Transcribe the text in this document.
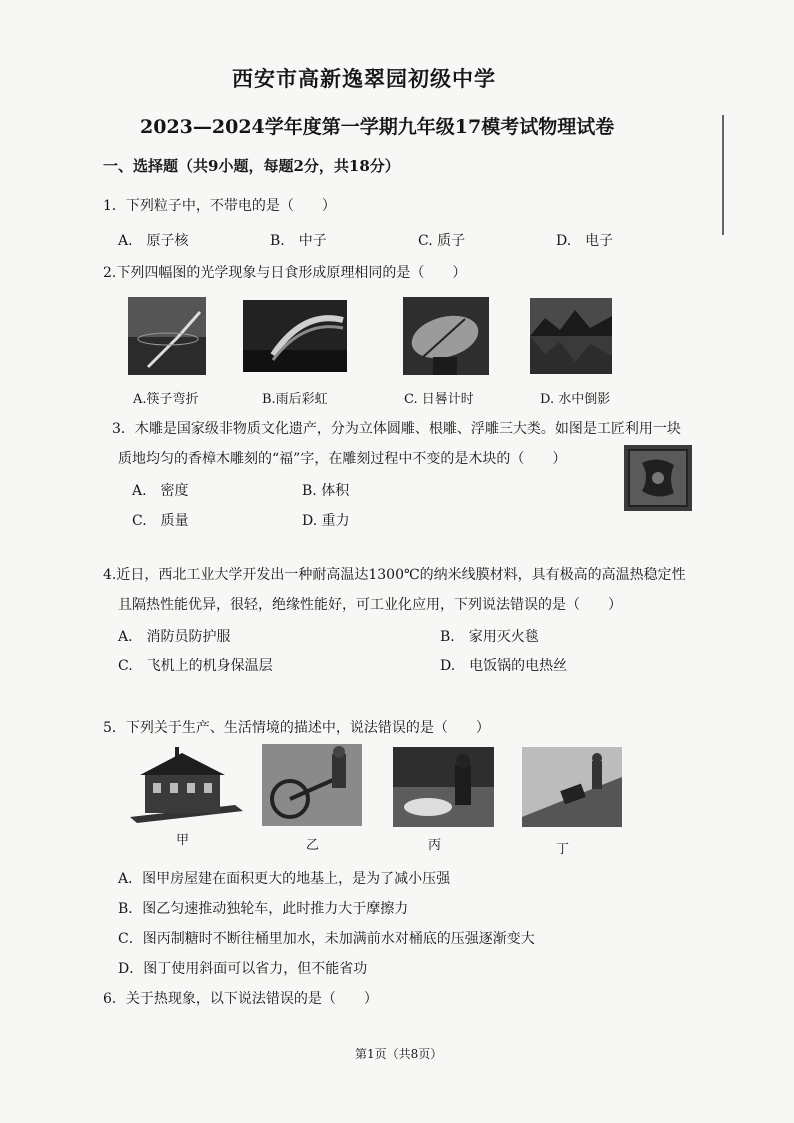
西安市高新逸翠园初级中学
2023—2024学年度第一学期九年级17模考试物理试卷
一、选择题（共9小题，每题2分，共18分）
1．下列粒子中，不带电的是（　　）
A.　原子核	B.　中子	C. 质子	D.　电子
2.下列四幅图的光学现象与日食形成原理相同的是（　　）
A.筷子弯折	B.雨后彩虹	C. 日晷计时	D. 水中倒影
3．木雕是国家级非物质文化遗产，分为立体圆雕、根雕、浮雕三大类。如图是工匠利用一块
质地均匀的香樟木雕刻的“福”字，在雕刻过程中不变的是木块的（　　）
A.　密度	B. 体积
C.　质量	D. 重力
4.近日，西北工业大学开发出一种耐高温达1300℃的纳米线膜材料，具有极高的高温热稳定性
且隔热性能优异，很轻，绝缘性能好，可工业化应用，下列说法错误的是（　　）
A.　消防员防护服	B.　家用灭火毯
C.　飞机上的机身保温层	D.　电饭锅的电热丝
5．下列关于生产、生活情境的描述中，说法错误的是（　　）
甲	乙	丙	丁
A．图甲房屋建在面积更大的地基上，是为了减小压强
B．图乙匀速推动独轮车，此时推力大于摩擦力
C．图丙制糖时不断往桶里加水，未加满前水对桶底的压强逐渐变大
D．图丁使用斜面可以省力，但不能省功
6．关于热现象，以下说法错误的是（　　）
第1页（共8页）
